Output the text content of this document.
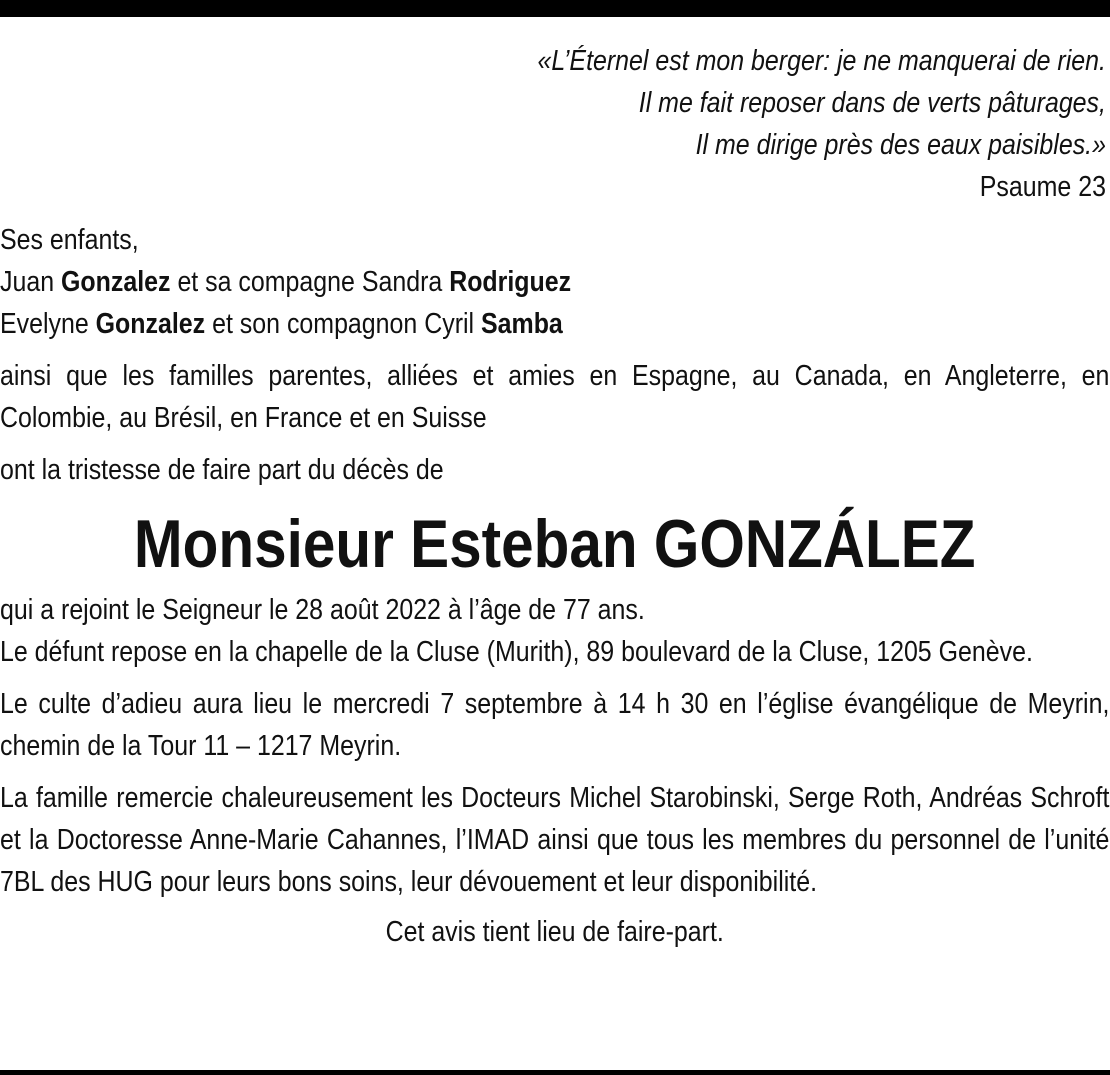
«L’Éternel est mon berger: je ne manquerai de rien.
Il me fait reposer dans de verts pâturages,
Il me dirige près des eaux paisibles.»
Psaume 23
Ses enfants,
Juan Gonzalez et sa compagne Sandra Rodriguez
Evelyne Gonzalez et son compagnon Cyril Samba
ainsi que les familles parentes, alliées et amies en Espagne, au Canada, en Angleterre, en Colombie, au Brésil, en France et en Suisse
ont la tristesse de faire part du décès de
Monsieur Esteban GONZÁLEZ
qui a rejoint le Seigneur le 28 août 2022 à l’âge de 77 ans.
Le défunt repose en la chapelle de la Cluse (Murith), 89 boulevard de la Cluse, 1205 Genève.
Le culte d’adieu aura lieu le mercredi 7 septembre à 14 h 30 en l’église évangélique de Meyrin, chemin de la Tour 11 – 1217 Meyrin.
La famille remercie chaleureusement les Docteurs Michel Starobinski, Serge Roth, Andréas Schroft et la Doctoresse Anne-Marie Cahannes, l’IMAD ainsi que tous les membres du personnel de l’unité 7BL des HUG pour leurs bons soins, leur dévouement et leur disponibilité.
Cet avis tient lieu de faire-part.
